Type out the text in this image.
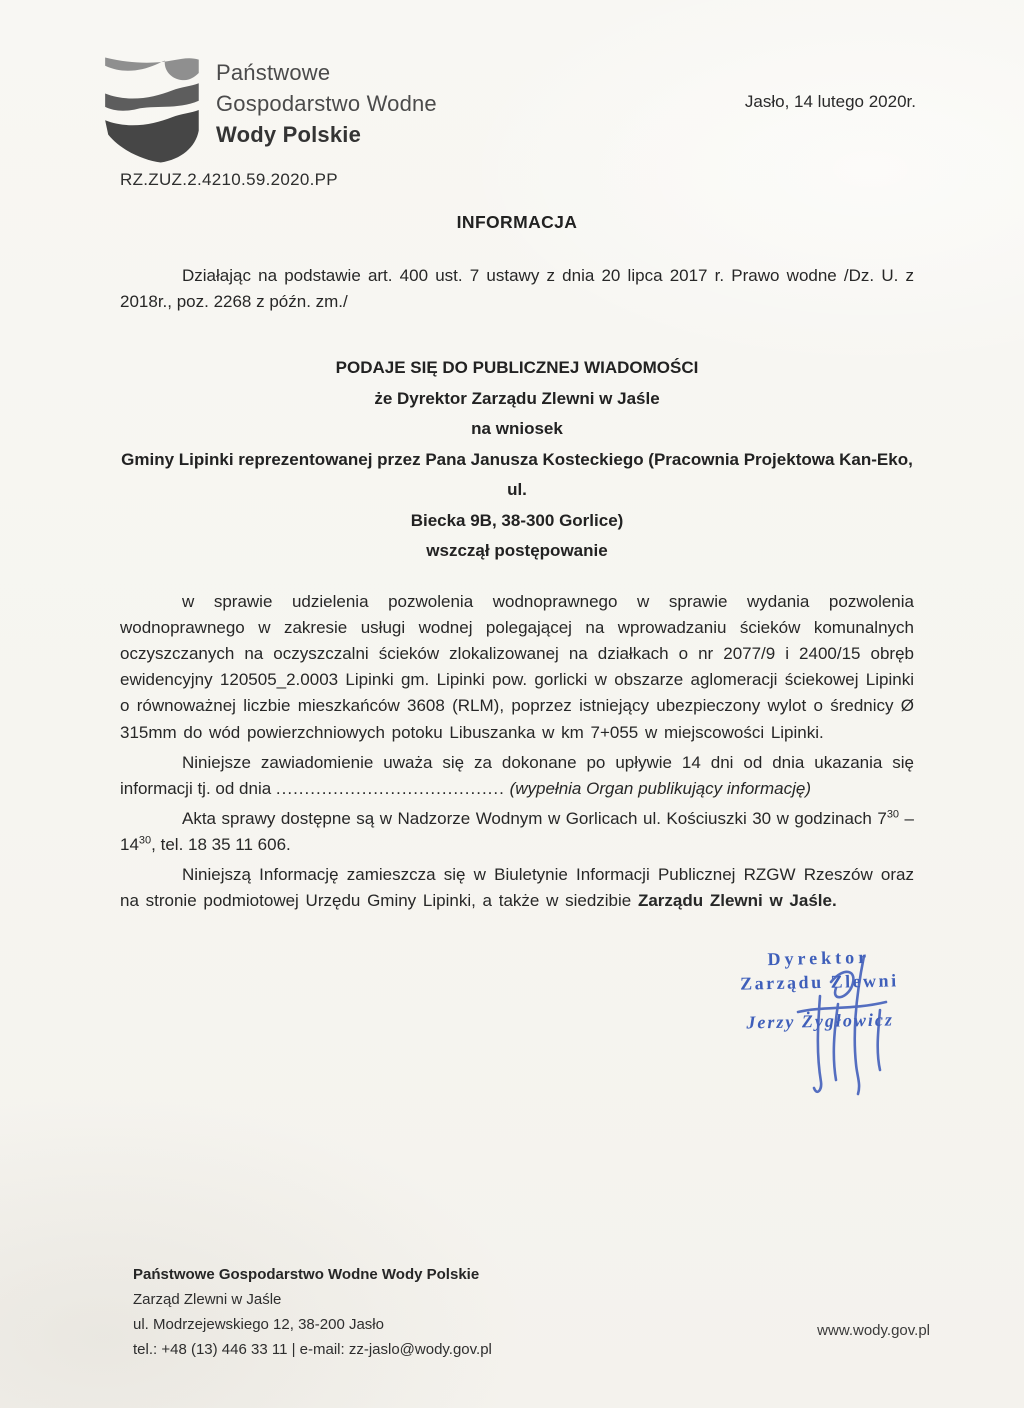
Państwowe
Gospodarstwo Wodne
Wody Polskie
Jasło, 14 lutego 2020r.
RZ.ZUZ.2.4210.59.2020.PP
INFORMACJA

Działając na podstawie art. 400 ust. 7 ustawy z dnia 20 lipca 2017 r. Prawo wodne /Dz. U. z 2018r., poz. 2268 z późn. zm./

PODAJE SIĘ DO PUBLICZNEJ WIADOMOŚCI
że Dyrektor Zarządu Zlewni w Jaśle
na wniosek
Gminy Lipinki reprezentowanej przez Pana Janusza Kosteckiego (Pracownia Projektowa Kan-Eko, ul.
Biecka 9B, 38-300 Gorlice)
wszczął postępowanie

w sprawie udzielenia pozwolenia wodnoprawnego w sprawie wydania pozwolenia wodnoprawnego w zakresie usługi wodnej polegającej na wprowadzaniu ścieków komunalnych oczyszczanych na oczyszczalni ścieków zlokalizowanej na działkach o nr 2077/9 i 2400/15 obręb ewidencyjny 120505_2.0003 Lipinki gm. Lipinki pow. gorlicki w obszarze aglomeracji ściekowej Lipinki o równoważnej liczbie mieszkańców 3608 (RLM), poprzez istniejący ubezpieczony wylot o średnicy Ø 315mm do wód powierzchniowych potoku Libuszanka w km 7+055 w miejscowości Lipinki.

Niniejsze zawiadomienie uważa się za dokonane po upływie 14 dni od dnia ukazania się informacji tj. od dnia ........................................ (wypełnia Organ publikujący informację)

Akta sprawy dostępne są w Nadzorze Wodnym w Gorlicach ul. Kościuszki 30 w godzinach $7^{30} - 14^{30}$, tel. 18 35 11 606.

Niniejszą Informację zamieszcza się w Biuletynie Informacji Publicznej RZGW Rzeszów oraz na stronie podmiotowej Urzędu Gminy Lipinki, a także w siedzibie Zarządu Zlewni w Jaśle.

Dyrektor
Zarządu Zlewni
Jerzy Żygłowicz
Państwowe Gospodarstwo Wodne Wody Polskie
Zarząd Zlewni w Jaśle
ul. Modrzejewskiego 12, 38-200 Jasło
tel.: +48 (13) 446 33 11 | e-mail: zz-jaslo@wody.gov.pl
www.wody.gov.pl
